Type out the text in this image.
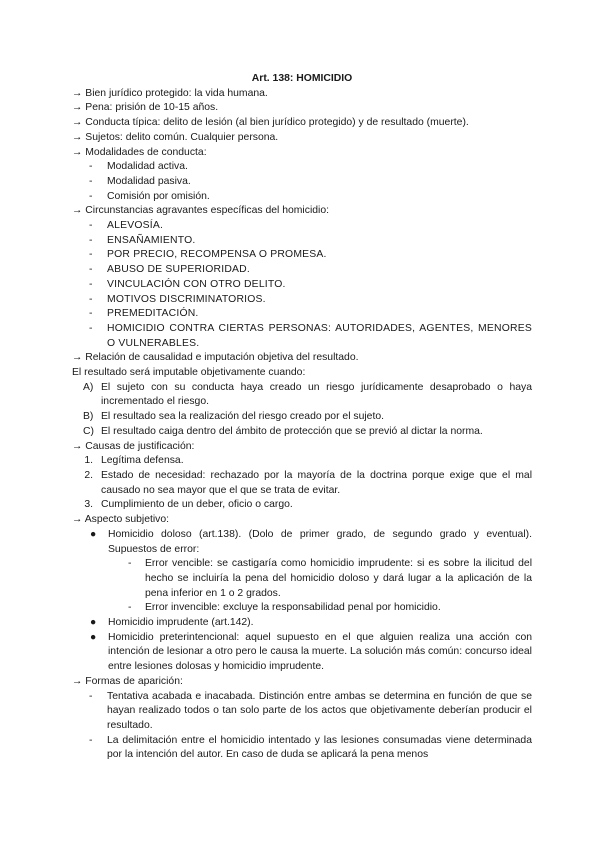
Art. 138: HOMICIDIO
→ Bien jurídico protegido: la vida humana.
→ Pena: prisión de 10-15 años.
→ Conducta típica: delito de lesión (al bien jurídico protegido) y de resultado (muerte).
→ Sujetos: delito común. Cualquier persona.
→ Modalidades de conducta:
-	Modalidad activa.
-	Modalidad pasiva.
-	Comisión por omisión.
→ Circunstancias agravantes específicas del homicidio:
-	ALEVOSÍA.
-	ENSAÑAMIENTO.
-	POR PRECIO, RECOMPENSA O PROMESA.
-	ABUSO DE SUPERIORIDAD.
-	VINCULACIÓN CON OTRO DELITO.
-	MOTIVOS DISCRIMINATORIOS.
-	PREMEDITACIÓN.
-	HOMICIDIO CONTRA CIERTAS PERSONAS: AUTORIDADES, AGENTES, MENORES O VULNERABLES.
→ Relación de causalidad e imputación objetiva del resultado.
El resultado será imputable objetivamente cuando:
A) El sujeto con su conducta haya creado un riesgo jurídicamente desaprobado o haya incrementado el riesgo.
B) El resultado sea la realización del riesgo creado por el sujeto.
C) El resultado caiga dentro del ámbito de protección que se previó al dictar la norma.
→ Causas de justificación:
1. Legítima defensa.
2. Estado de necesidad: rechazado por la mayoría de la doctrina porque exige que el mal causado no sea mayor que el que se trata de evitar.
3. Cumplimiento de un deber, oficio o cargo.
→ Aspecto subjetivo:
●	Homicidio doloso (art.138). (Dolo de primer grado, de segundo grado y eventual). Supuestos de error:
-	Error vencible: se castigaría como homicidio imprudente: si es sobre la ilicitud del hecho se incluiría la pena del homicidio doloso y dará lugar a la aplicación de la pena inferior en 1 o 2 grados.
-	Error invencible: excluye la responsabilidad penal por homicidio.
●	Homicidio imprudente (art.142).
●	Homicidio preterintencional: aquel supuesto en el que alguien realiza una acción con intención de lesionar a otro pero le causa la muerte. La solución más común: concurso ideal entre lesiones dolosas y homicidio imprudente.
→ Formas de aparición:
-	Tentativa acabada e inacabada. Distinción entre ambas se determina en función de que se hayan realizado todos o tan solo parte de los actos que objetivamente deberían producir el resultado.
-	La delimitación entre el homicidio intentado y las lesiones consumadas viene determinada por la intención del autor. En caso de duda se aplicará la pena menos
